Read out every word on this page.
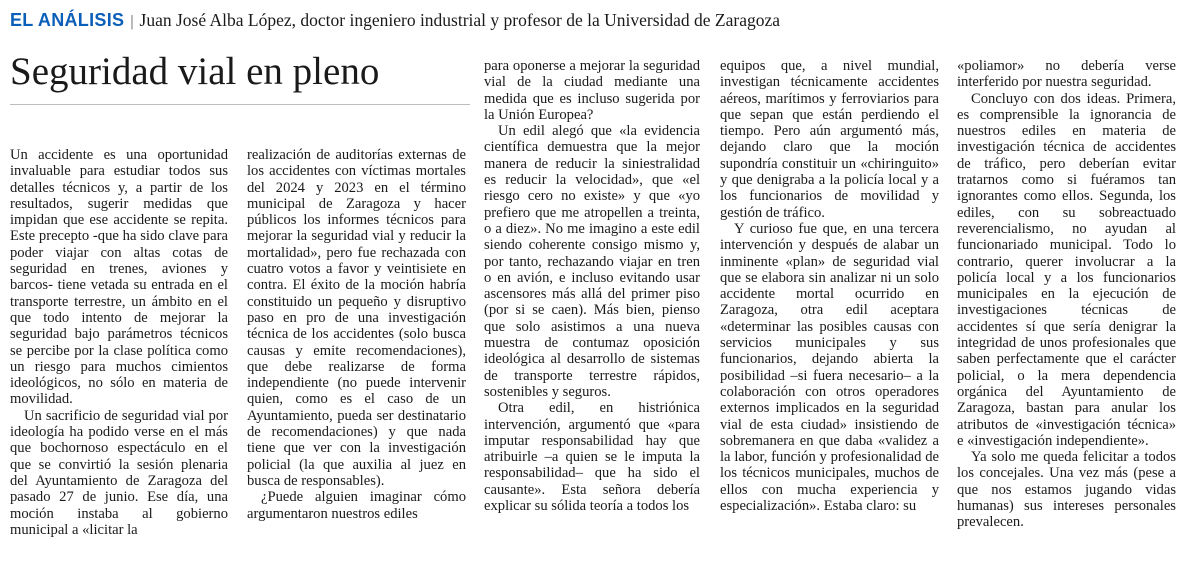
EL ANÁLISIS | Juan José Alba López, doctor ingeniero industrial y profesor de la Universidad de Zaragoza
Seguridad vial en pleno

Un accidente es una oportunidad invaluable para estudiar todos sus detalles técnicos y, a partir de los resultados, sugerir medidas que impidan que ese accidente se repita. Este precepto -que ha sido clave para poder viajar con altas cotas de seguridad en trenes, aviones y barcos- tiene vetada su entrada en el transporte terrestre, un ámbito en el que todo intento de mejorar la seguridad bajo parámetros técnicos se percibe por la clase política como un riesgo para muchos cimientos ideológicos, no sólo en materia de movilidad.

Un sacrificio de seguridad vial por ideología ha podido verse en el más que bochornoso espectáculo en el que se convirtió la sesión plenaria del Ayuntamiento de Zaragoza del pasado 27 de junio. Ese día, una moción instaba al gobierno municipal a «licitar la

realización de auditorías externas de los accidentes con víctimas mortales del 2024 y 2023 en el término municipal de Zaragoza y hacer públicos los informes técnicos para mejorar la seguridad vial y reducir la mortalidad», pero fue rechazada con cuatro votos a favor y veintisiete en contra. El éxito de la moción habría constituido un pequeño y disruptivo paso en pro de una investigación técnica de los accidentes (solo busca causas y emite recomendaciones), que debe realizarse de forma independiente (no puede intervenir quien, como es el caso de un Ayuntamiento, pueda ser destinatario de recomendaciones) y que nada tiene que ver con la investigación policial (la que auxilia al juez en busca de responsables).

¿Puede alguien imaginar cómo argumentaron nuestros ediles

para oponerse a mejorar la seguridad vial de la ciudad mediante una medida que es incluso sugerida por la Unión Europea?

Un edil alegó que «la evidencia científica demuestra que la mejor manera de reducir la siniestralidad es reducir la velocidad», que «el riesgo cero no existe» y que «yo prefiero que me atropellen a treinta, o a diez». No me imagino a este edil siendo coherente consigo mismo y, por tanto, rechazando viajar en tren o en avión, e incluso evitando usar ascensores más allá del primer piso (por si se caen). Más bien, pienso que solo asistimos a una nueva muestra de contumaz oposición ideológica al desarrollo de sistemas de transporte terrestre rápidos, sostenibles y seguros.

Otra edil, en histriónica intervención, argumentó que «para imputar responsabilidad hay que atribuirle –a quien se le imputa la responsabilidad– que ha sido el causante». Esta señora debería explicar su sólida teoría a todos los

equipos que, a nivel mundial, investigan técnicamente accidentes aéreos, marítimos y ferroviarios para que sepan que están perdiendo el tiempo. Pero aún argumentó más, dejando claro que la moción supondría constituir un «chiringuito» y que denigraba a la policía local y a los funcionarios de movilidad y gestión de tráfico.

Y curioso fue que, en una tercera intervención y después de alabar un inminente «plan» de seguridad vial que se elabora sin analizar ni un solo accidente mortal ocurrido en Zaragoza, otra edil aceptara «determinar las posibles causas con servicios municipales y sus funcionarios, dejando abierta la posibilidad –si fuera necesario– a la colaboración con otros operadores externos implicados en la seguridad vial de esta ciudad» insistiendo de sobremanera en que daba «validez a la labor, función y profesionalidad de los técnicos municipales, muchos de ellos con mucha experiencia y especialización». Estaba claro: su

«poliamor» no debería verse interferido por nuestra seguridad.

Concluyo con dos ideas. Primera, es comprensible la ignorancia de nuestros ediles en materia de investigación técnica de accidentes de tráfico, pero deberían evitar tratarnos como si fuéramos tan ignorantes como ellos. Segunda, los ediles, con su sobreactuado reverencialismo, no ayudan al funcionariado municipal. Todo lo contrario, querer involucrar a la policía local y a los funcionarios municipales en la ejecución de investigaciones técnicas de accidentes sí que sería denigrar la integridad de unos profesionales que saben perfectamente que el carácter policial, o la mera dependencia orgánica del Ayuntamiento de Zaragoza, bastan para anular los atributos de «investigación técnica» e «investigación independiente».

Ya solo me queda felicitar a todos los concejales. Una vez más (pese a que nos estamos jugando vidas humanas) sus intereses personales prevalecen.
